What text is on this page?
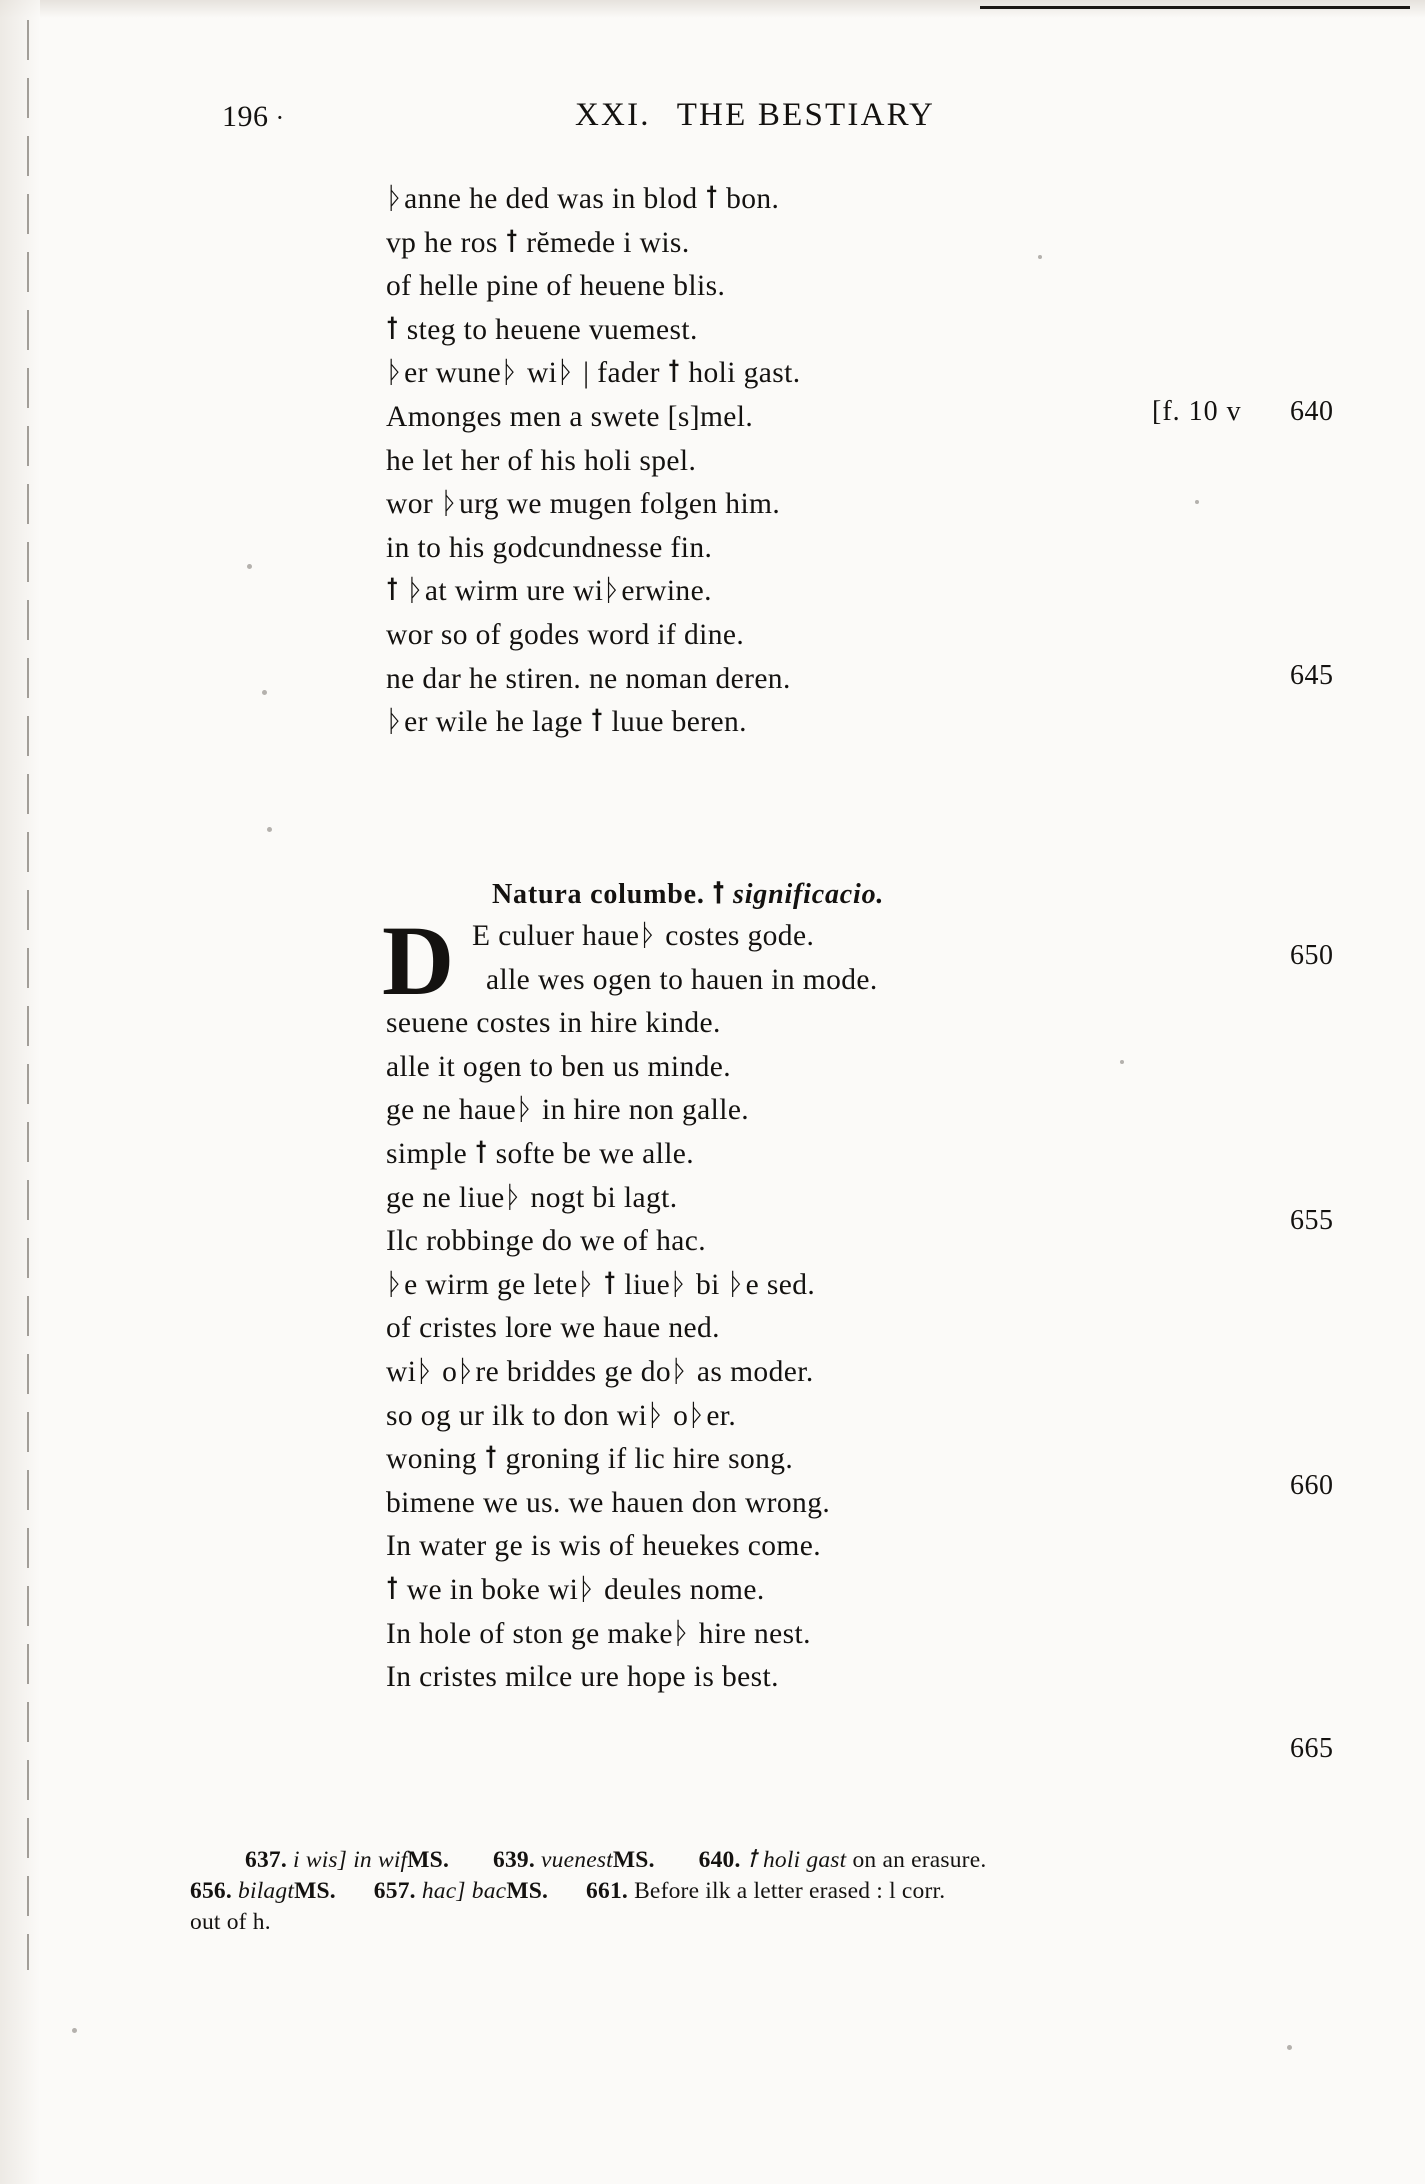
196 ·	XXI. THE BESTIARY
[f. 10 v
ᚦanne he ded was in blod ꝉ bon.
vp he ros ꝉ rĕmede i wis.
of helle pine of heuene blis.
ꝉ steg to heuene vuemest.
ᚦer wuneᚦ wiᚦ | fader ꝉ holi gast.
Amonges men a swete [s]mel.
he let her of his holi spel.
wor ᚦurg we mugen folgen him.
in to his godcundnesse fin.
ꝉ ᚦat wirm ure wiᚦerwine.
wor so of godes word if dine.
ne dar he stiren. ne noman deren.
ᚦer wile he lage ꝉ luue beren.
Natura columbe. ꝉ significacio.
D E culuer haueᚦ costes gode.
alle wes ogen to hauen in mode.
seuene costes in hire kinde.
alle it ogen to ben us minde.
ge ne haueᚦ in hire non galle.
simple ꝉ softe be we alle.
ge ne liueᚦ nogt bi lagt.
Ilc robbinge do we of hac.
ᚦe wirm ge leteᚦ ꝉ liueᚦ bi ᚦe sed.
of cristes lore we haue ned.
wiᚦ oᚦre briddes ge doᚦ as moder.
so og ur ilk to don wiᚦ oᚦer.
woning ꝉ groning if lic hire song.
bimene we us. we hauen don wrong.
In water ge is wis of heuekes come.
ꝉ we in boke wiᚦ deules nome.
In hole of ston ge makeᚦ hire nest.
In cristes milce ure hope is best.
640
645
650
655
660
665
637. i wis] in wifMS. 639. vuenestMS. 640. ꝉ holi gast on an erasure.
656. bilagtMS. 657. hac] bacMS. 661. Before ilk a letter erased : l corr.
out of h.
